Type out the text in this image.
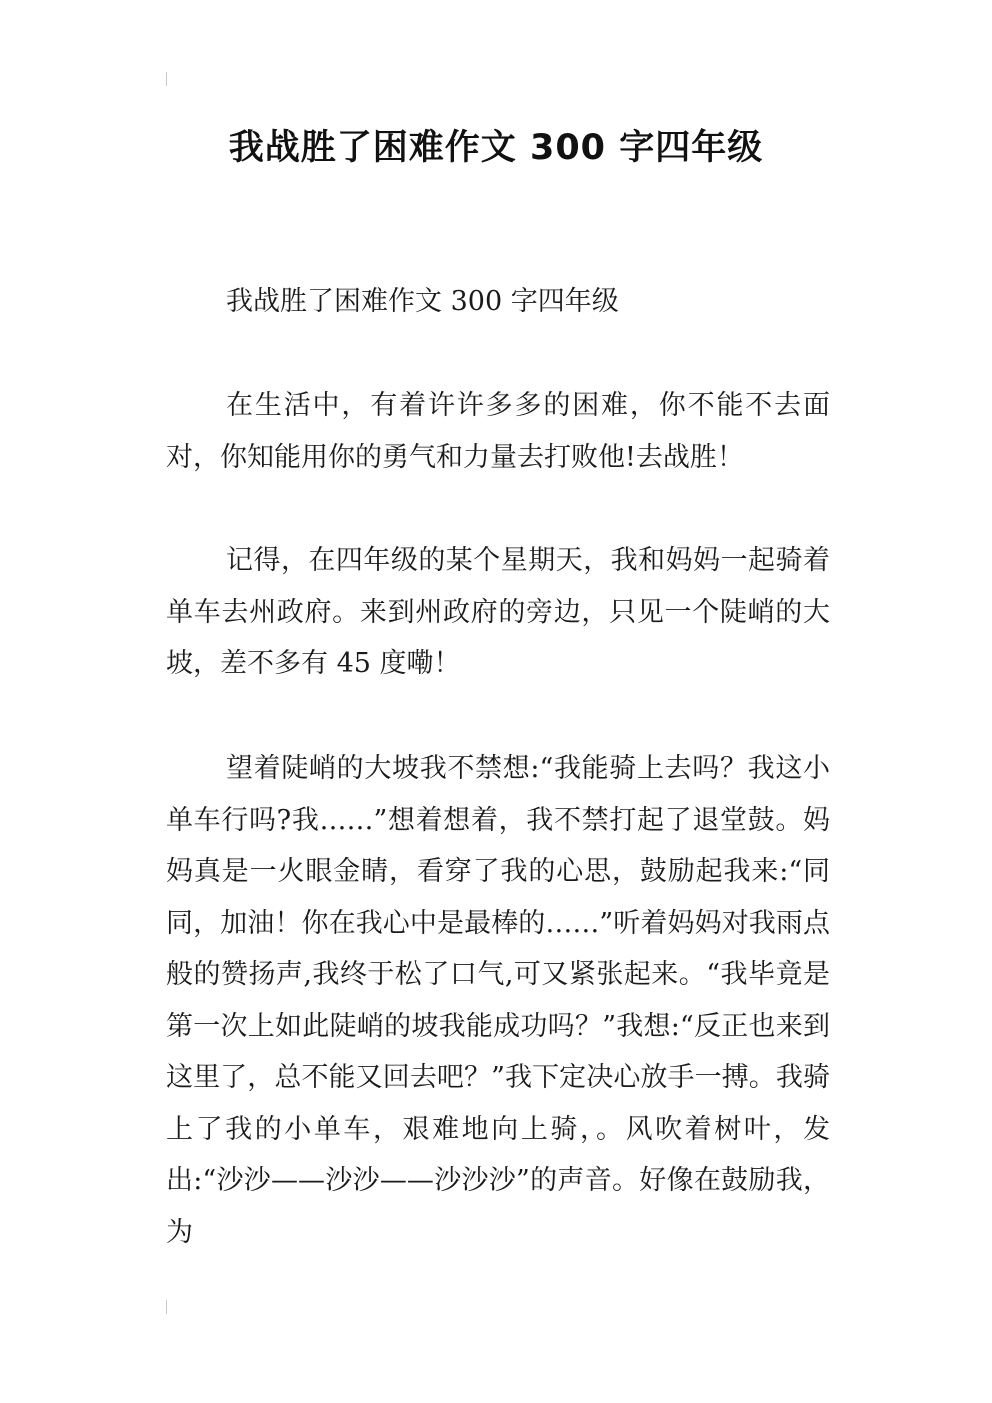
我战胜了困难作文 300 字四年级
我战胜了困难作文 300 字四年级

在生活中，有着许许多多的困难，你不能不去面对，你知能用你的勇气和力量去打败他!去战胜！

记得，在四年级的某个星期天，我和妈妈一起骑着单车去州政府。来到州政府的旁边，只见一个陡峭的大坡，差不多有 45 度嘞！

望着陡峭的大坡我不禁想:“我能骑上去吗？我这小单车行吗?我……”想着想着，我不禁打起了退堂鼓。妈妈真是一火眼金睛，看穿了我的心思，鼓励起我来:“同同，加油！你在我心中是最棒的……”听着妈妈对我雨点般的赞扬声,我终于松了口气,可又紧张起来。“我毕竟是第一次上如此陡峭的坡我能成功吗？”我想:“反正也来到这里了，总不能又回去吧？”我下定决心放手一搏。我骑上了我的小单车，艰难地向上骑，。风吹着树叶，发出:“沙沙——沙沙——沙沙沙”的声音。好像在鼓励我，为
